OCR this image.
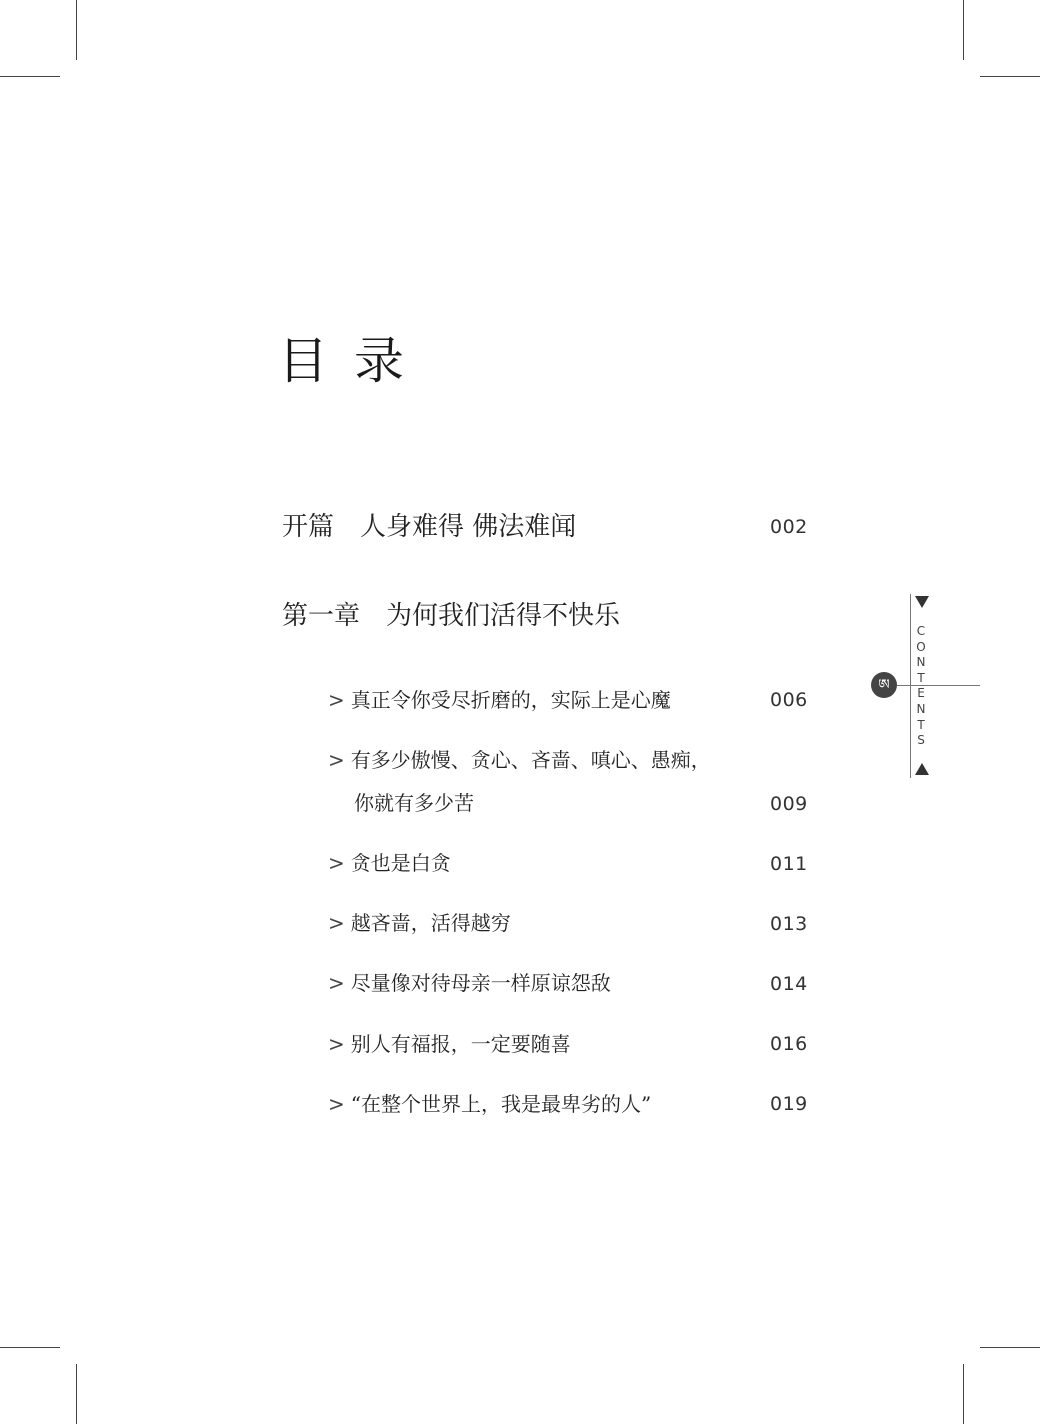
目录
开篇 人身难得 佛法难闻	002
第一章 为何我们活得不快乐
> 真正令你受尽折磨的，实际上是心魔	006
> 有多少傲慢、贪心、吝啬、嗔心、愚痴，
你就有多少苦	009
> 贪也是白贪	011
> 越吝啬，活得越穷	013
> 尽量像对待母亲一样原谅怨敌	014
> 别人有福报，一定要随喜	016
> “在整个世界上，我是最卑劣的人”	019
C
O
N
T
E
N
T
S
ཨ
